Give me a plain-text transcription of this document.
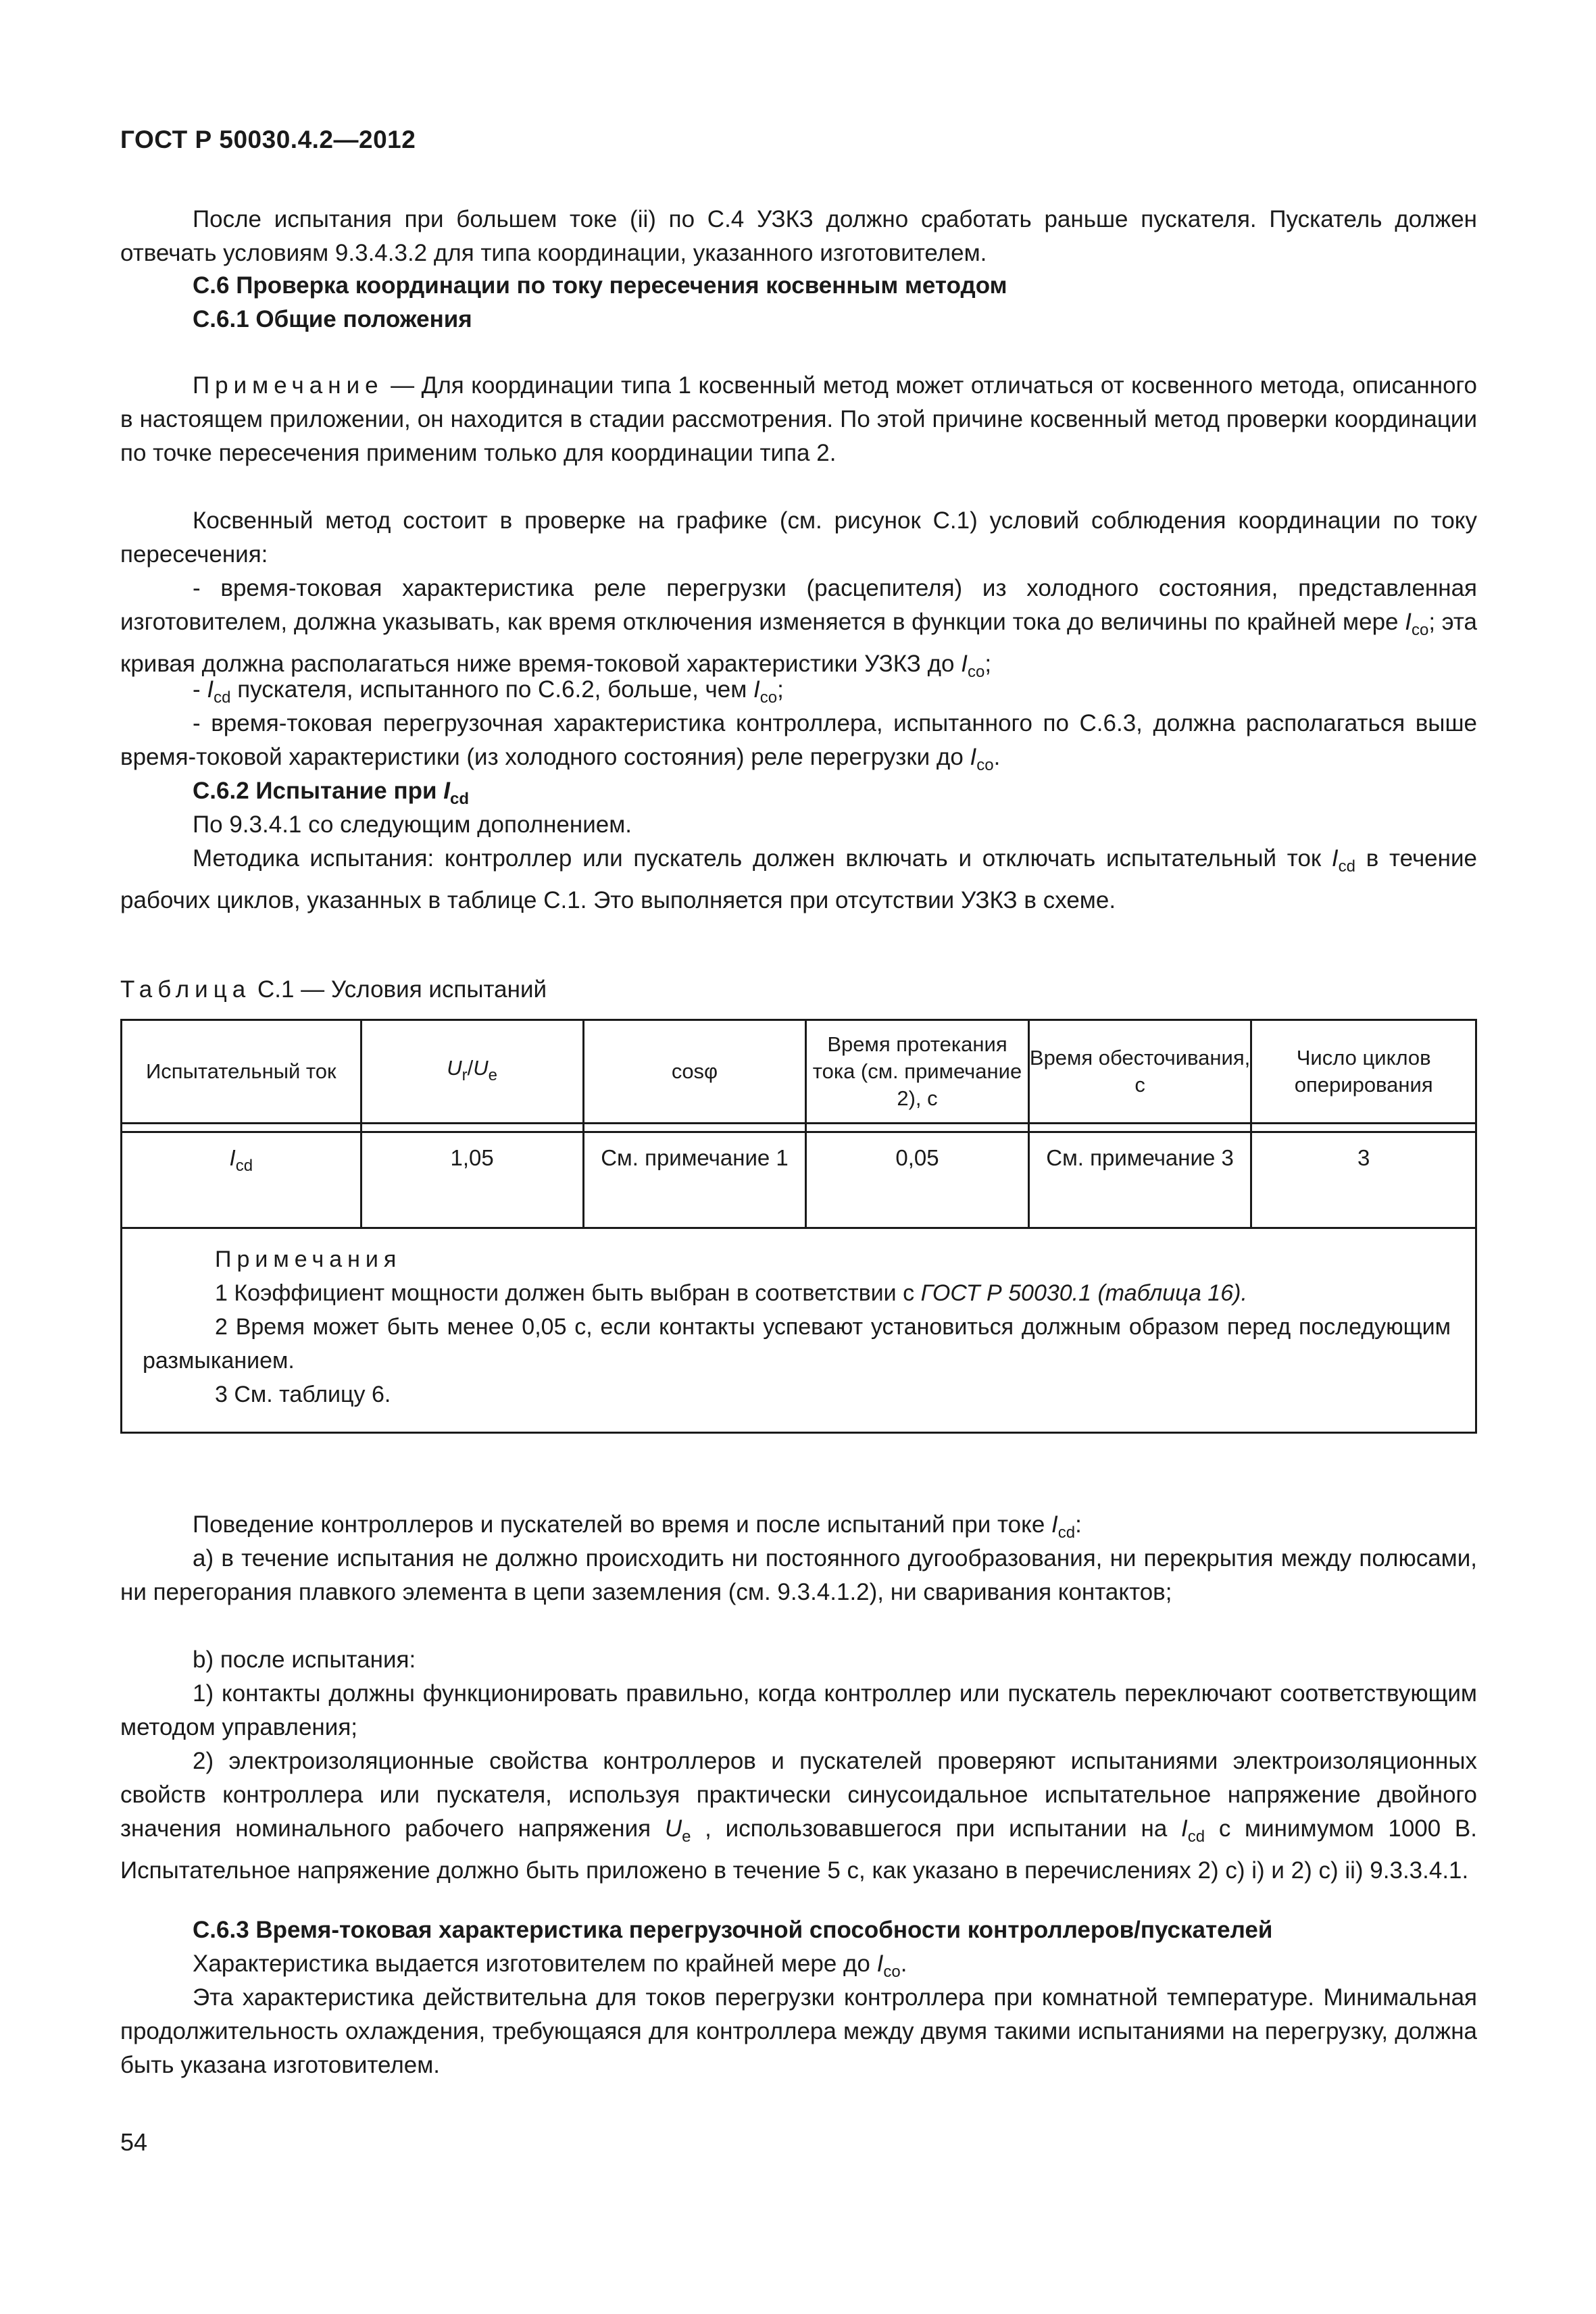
ГОСТ Р 50030.4.2—2012
После испытания при большем токе (ii) по С.4 УЗКЗ должно сработать раньше пускателя. Пускатель должен отвечать условиям 9.3.4.3.2 для типа координации, указанного изготовителем.
С.6 Проверка координации по току пересечения косвенным методом
С.6.1 Общие положения
Примечание — Для координации типа 1 косвенный метод может отличаться от косвенного метода, описанного в настоящем приложении, он находится в стадии рассмотрения. По этой причине косвенный метод проверки координации по точке пересечения применим только для координации типа 2.
Косвенный метод состоит в проверке на графике (см. рисунок С.1) условий соблюдения координации по току пересечения:
- время-токовая характеристика реле перегрузки (расцепителя) из холодного состояния, представленная изготовителем, должна указывать, как время отключения изменяется в функции тока до величины по крайней мере $I_{co}$; эта кривая должна располагаться ниже время-токовой характеристики УЗКЗ до $I_{co}$;
- $I_{cd}$ пускателя, испытанного по С.6.2, больше, чем $I_{co}$;
- время-токовая перегрузочная характеристика контроллера, испытанного по С.6.3, должна располагаться выше время-токовой характеристики (из холодного состояния) реле перегрузки до $I_{co}$.
С.6.2 Испытание при $I_{cd}$
По 9.3.4.1 со следующим дополнением.
Методика испытания: контроллер или пускатель должен включать и отключать испытательный ток $I_{cd}$ в течение рабочих циклов, указанных в таблице С.1. Это выполняется при отсутствии УЗКЗ в схеме.
Таблица С.1 — Условия испытаний
Испытательный ток	$U_r/U_e$	cosφ	Время протекания тока (см. примечание 2), с	Время обесточивания, с	Число циклов оперирования

$I_{cd}$	1,05	См. примечание 1	0,05	См. примечание 3	3

Примечания
1 Коэффициент мощности должен быть выбран в соответствии с ГОСТ Р 50030.1 (таблица 16).
2 Время может быть менее 0,05 с, если контакты успевают установиться должным образом перед последующим размыканием.
3 См. таблицу 6.					
Поведение контроллеров и пускателей во время и после испытаний при токе $I_{cd}$:
a) в течение испытания не должно происходить ни постоянного дугообразования, ни перекрытия между полюсами, ни перегорания плавкого элемента в цепи заземления (см. 9.3.4.1.2), ни сваривания контактов;
b) после испытания:
1) контакты должны функционировать правильно, когда контроллер или пускатель переключают соответствующим методом управления;
2) электроизоляционные свойства контроллеров и пускателей проверяют испытаниями электроизоляционных свойств контроллера или пускателя, используя практически синусоидальное испытательное напряжение двойного значения номинального рабочего напряжения $U_e$ , использовавшегося при испытании на $I_{cd}$ с минимумом 1000 В. Испытательное напряжение должно быть приложено в течение 5 с, как указано в перечислениях 2) с) i) и 2) с) ii) 9.3.3.4.1.
С.6.3 Время-токовая характеристика перегрузочной способности контроллеров/пускателей
Характеристика выдается изготовителем по крайней мере до $I_{co}$.
Эта характеристика действительна для токов перегрузки контроллера при комнатной температуре. Минимальная продолжительность охлаждения, требующаяся для контроллера между двумя такими испытаниями на перегрузку, должна быть указана изготовителем.
54
